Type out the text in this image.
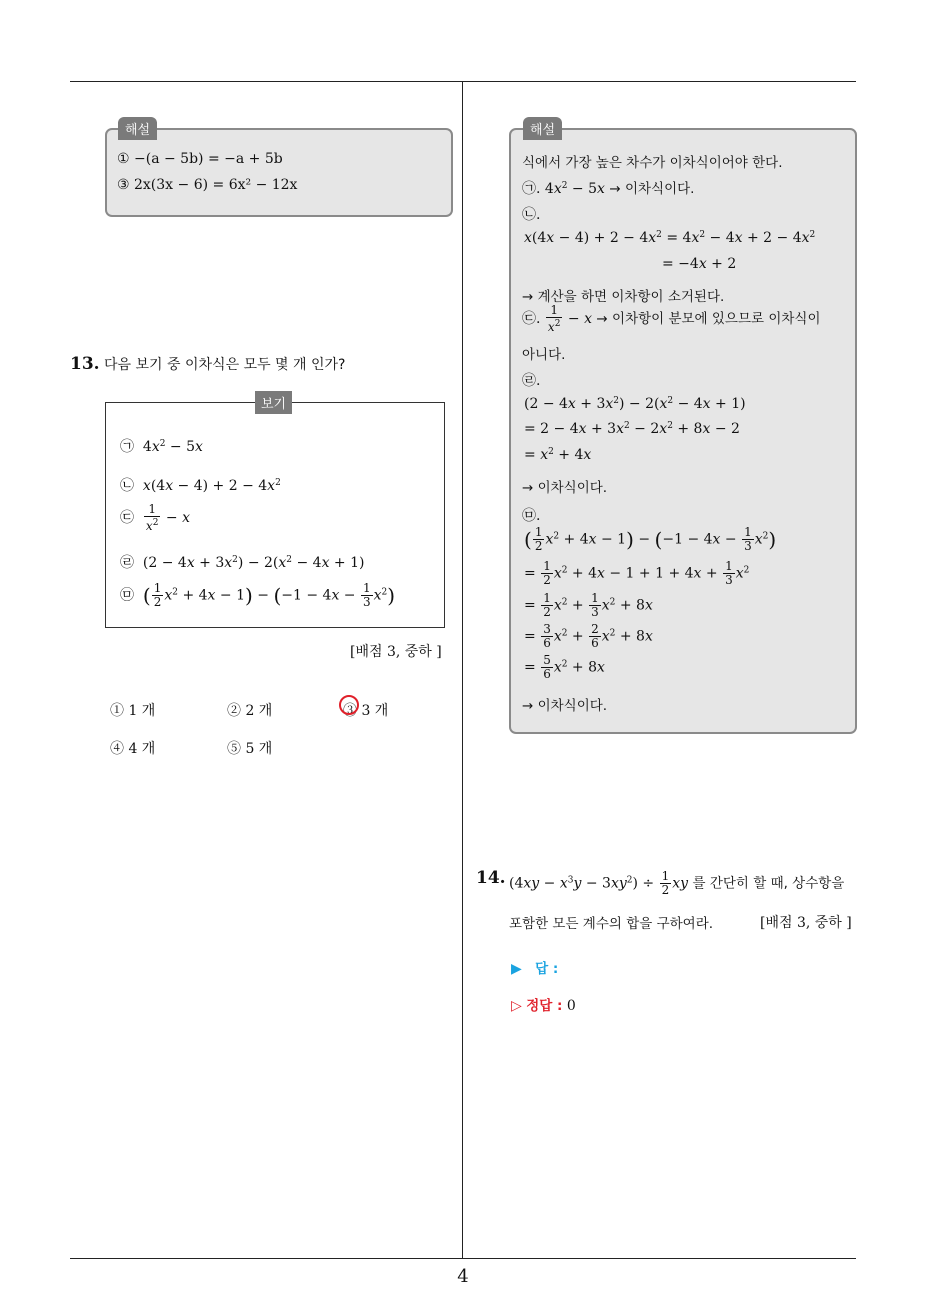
4
해설
① −(a − 5b) = −a + 5b
③ 2x(3x − 6) = 6x² − 12x
13. 다음 보기 중 이차식은 모두 몇 개 인가?
보기
㉠  $4x^2 - 5x$
㉡ $x(4x - 4) + 2 - 4x^2$
㉢ $\frac{1}{x^2} - x$
㉣  $(2 - 4x + 3x^2) - 2(x^2 - 4x + 1)$
㉤ ( $\frac{1}{2} x^2 + 4x - 1) - (-1 - 4x - \frac{1}{3} x^2)$
[배점 3, 중하 ]
① 1 개	② 2 개	③ 3 개
④ 4 개	⑤ 5 개
해설
식에서 가장 높은 차수가 이차식이어야 한다.
㉠. $4x^2 - 5x$ → 이차식이다.
㉡.
$x(4x - 4) + 2 - 4x^2 = 4x^2 - 4x + 2 - 4x^2$
= −4x + 2
→ 계산을 하면 이차항이 소거된다.
㉢. $\frac{1}{x^2} - x$ → 이차항이 분모에 있으므로 이차식이
아니다.
㉣.
$(2 - 4x + 3x^2) - 2(x^2 - 4x + 1)$
= $2 - 4x + 3x^2 - 2x^2 + 8x - 2$
= $x^2 + 4x$
→ 이차식이다.
㉤.
( $\frac{1}{2} x^2 + 4x - 1) - (-1 - 4x - \frac{1}{3} x^2)$
= $\frac{1}{2} x^2 + 4x - 1 + 1 + 4x + \frac{1}{3} x^2$
= $\frac{1}{2} x^2 + \frac{1}{3} x^2 + 8x$
= $\frac{3}{6} x^2 + \frac{2}{6} x^2 + 8x$
= $\frac{5}{6} x^2 + 8x$
→ 이차식이다.
14. $(4xy - x^3y - 3xy^2) \div \frac{1}{2}$ xy 를 간단히 할 때, 상수항을
포함한 모든 계수의 합을 구하여라.	[배점 3, 중하 ]
▶ 답 :
▷ 정답 : 0
